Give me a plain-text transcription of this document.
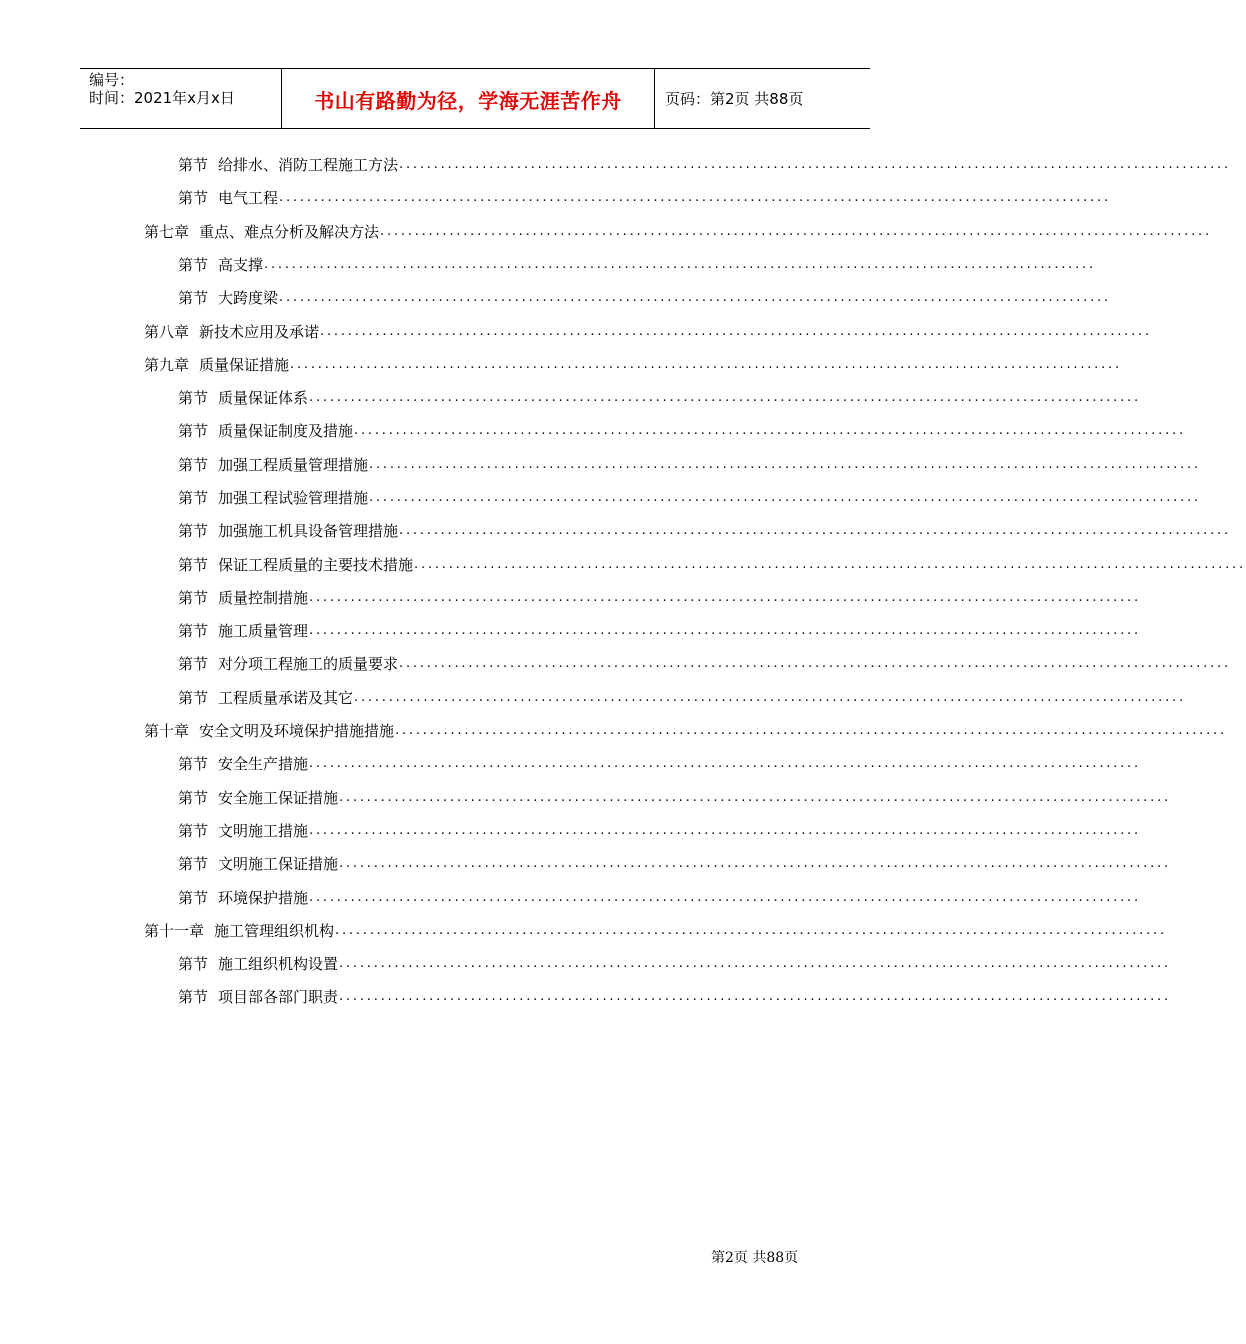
编号：
时间：2021年x月x日	书山有路勤为径，学海无涯苦作舟	页码：第2页 共88页
第节 给排水、消防工程施工方法 ........................................................................................................................
第节 电气工程 ........................................................................................................................
第七章 重点、难点分析及解决方法 ........................................................................................................................
第节 高支撑 ........................................................................................................................
第节 大跨度梁 ........................................................................................................................
第八章 新技术应用及承诺 ........................................................................................................................
第九章 质量保证措施 ........................................................................................................................
第节 质量保证体系 ........................................................................................................................
第节 质量保证制度及措施 ........................................................................................................................
第节 加强工程质量管理措施 ........................................................................................................................
第节 加强工程试验管理措施 ........................................................................................................................
第节 加强施工机具设备管理措施 ........................................................................................................................
第节 保证工程质量的主要技术措施 ........................................................................................................................
第节 质量控制措施 ........................................................................................................................
第节 施工质量管理 ........................................................................................................................
第节 对分项工程施工的质量要求 ........................................................................................................................
第节 工程质量承诺及其它 ........................................................................................................................
第十章 安全文明及环境保护措施措施 ........................................................................................................................
第节 安全生产措施 ........................................................................................................................
第节 安全施工保证措施 ........................................................................................................................
第节 文明施工措施 ........................................................................................................................
第节 文明施工保证措施 ........................................................................................................................
第节 环境保护措施 ........................................................................................................................
第十一章 施工管理组织机构 ........................................................................................................................
第节 施工组织机构设置 ........................................................................................................................
第节 项目部各部门职责 ........................................................................................................................
第2页 共88页
